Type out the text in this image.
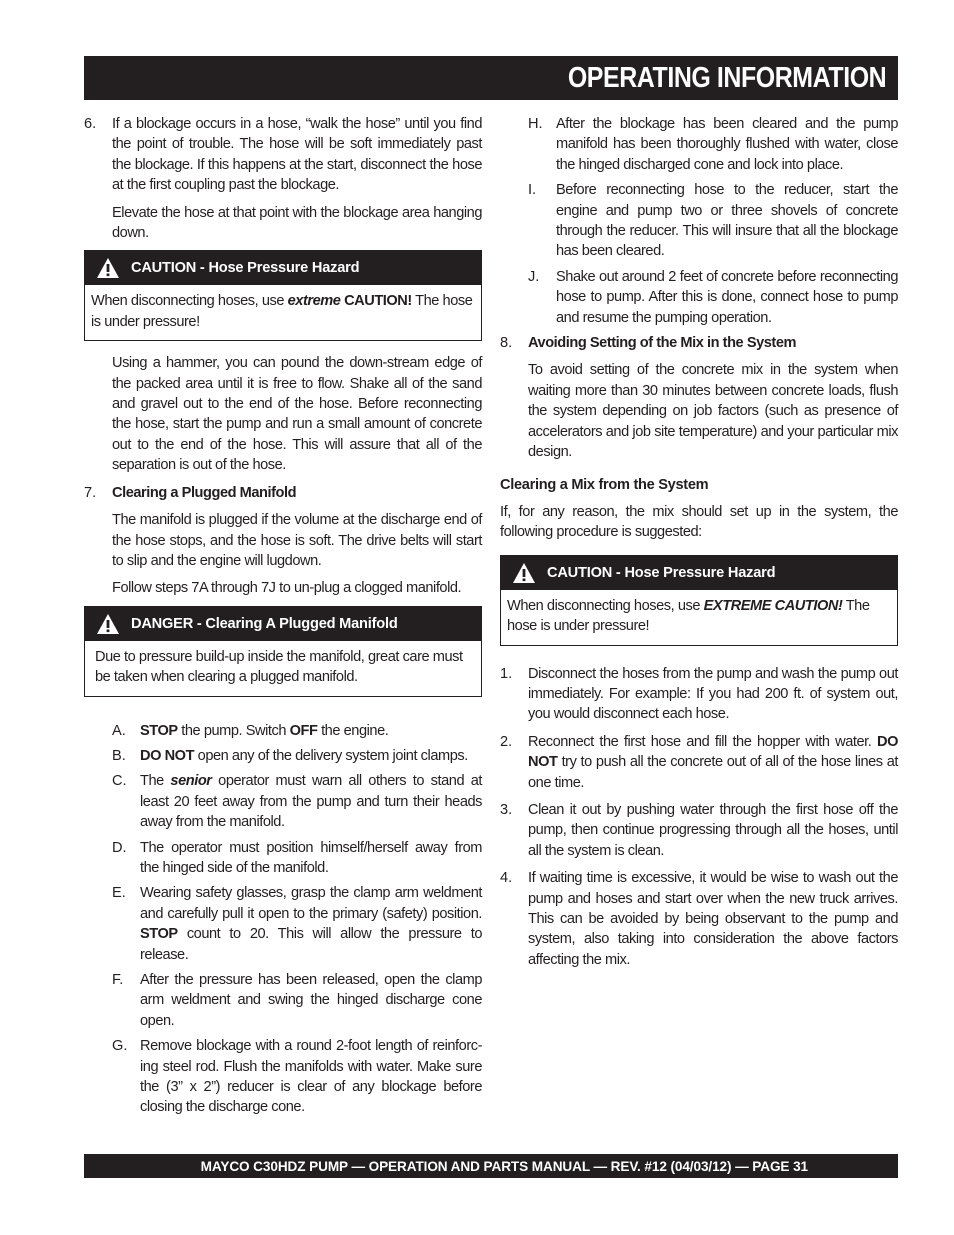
OPERATING INFORMATION
6.	If a blockage occurs in a hose, “walk the hose” until you find the point of trouble. The hose will be soft immediately past the blockage. If this happens at the start, disconnect the hose at the first coupling past the blockage.

Elevate the hose at that point with the blockage area hanging down.

CAUTION - Hose Pressure Hazard
When disconnecting hoses, use extreme CAUTION! The hose is under pressure!

Using a hammer, you can pound the down-stream edge of the packed area until it is free to flow. Shake all of the sand and gravel out to the end of the hose. Before reconnecting the hose, start the pump and run a small amount of concrete out to the end of the hose. This will assure that all of the separation is out of the hose.

7.	Clearing a Plugged Manifold

The manifold is plugged if the volume at the discharge end of the hose stops, and the hose is soft. The drive belts will start to slip and the engine will lugdown.

Follow steps 7A through 7J to un-plug a clogged manifold.

DANGER - Clearing A Plugged Manifold
Due to pressure build-up inside the manifold, great care must be taken when clearing a plugged manifold.
A. STOP the pump. Switch OFF the engine.
B. DO NOT open any of the delivery system joint clamps.
C. The senior operator must warn all others to stand at least 20 feet away from the pump and turn their heads away from the manifold.
D. The operator must position himself/herself away from the hinged side of the manifold.
E. Wearing safety glasses, grasp the clamp arm weldment and carefully pull it open to the primary (safety) position. STOP count to 20. This will allow the pressure to release.
F.	After the pressure has been released, open the clamp arm weldment and swing the hinged discharge cone open.
G. Remove blockage with a round 2-foot length of reinforc-ing steel rod. Flush the manifolds with water. Make sure the (3” x 2”) reducer is clear of any blockage before closing the discharge cone.
H. After the blockage has been cleared and the pump manifold has been thoroughly flushed with water, close the hinged discharged cone and lock into place.
I.	Before reconnecting hose to the reducer, start the engine and pump two or three shovels of concrete through the reducer. This will insure that all the blockage has been cleared.
J.	Shake out around 2 feet of concrete before reconnecting hose to pump. After this is done, connect hose to pump and resume the pumping operation.
8.	Avoiding Setting of the Mix in the System

To avoid setting of the concrete mix in the system when waiting more than 30 minutes between concrete loads, flush the system depending on job factors (such as presence of accelerators and job site temperature) and your particular mix design.

Clearing a Mix from the System

If, for any reason, the mix should set up in the system, the following procedure is suggested:

CAUTION - Hose Pressure Hazard
When disconnecting hoses, use EXTREME CAUTION! The hose is under pressure!
1.	Disconnect the hoses from the pump and wash the pump out immediately. For example: If you had 200 ft. of system out, you would disconnect each hose.
2.	Reconnect the first hose and fill the hopper with water. DO NOT try to push all the concrete out of all of the hose lines at one time.
3.	Clean it out by pushing water through the first hose off the pump, then continue progressing through all the hoses, until all the system is clean.
4.	If waiting time is excessive, it would be wise to wash out the pump and hoses and start over when the new truck arrives. This can be avoided by being observant to the pump and system, also taking into consideration the above factors affecting the mix.
MAYCO C30HDZ PUMP — OPERATION AND PARTS MANUAL — REV. #12 (04/03/12) — PAGE 31
